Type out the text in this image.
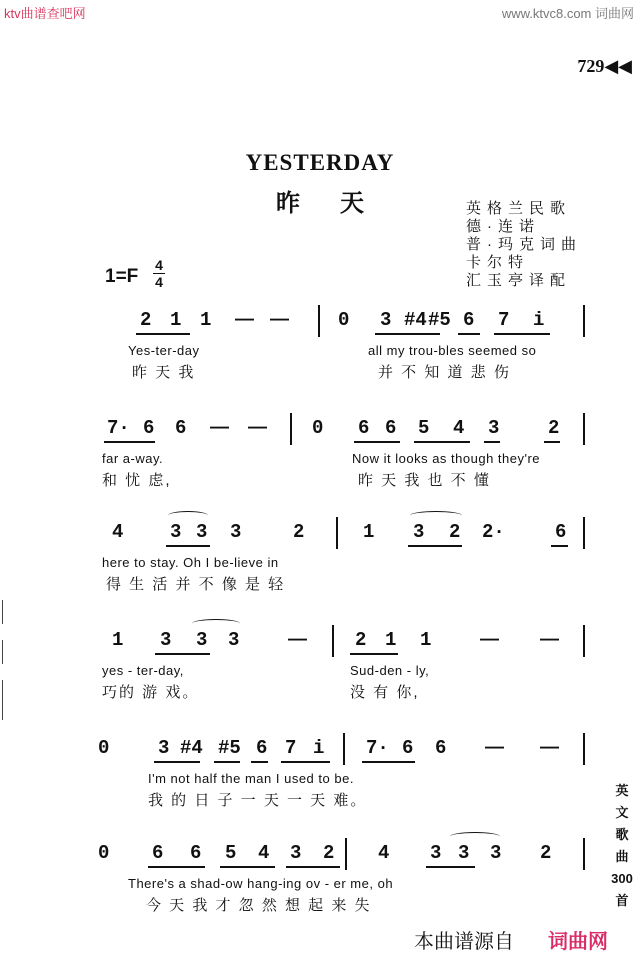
ktv曲谱查吧网	www.ktvc8.com 词曲网
729◀◀
YESTERDAY
昨天	英格兰民歌
德·连诺
普·玛克词曲
卡尔特
汇玉亭译配
1=F
4
4
2 1 1 — —	0 3 #4 #5 6 7 i
Yes-ter-day
昨 天 我
all my trou-bles seemed so
并 不 知 道 悲 伤
7· 6 6 — — 0 6 6 5 4 3	2
far a-way.
和 忧 虑,
Now it looks as though they're
昨 天 我 也 不 懂
4 3 3 3	2	1 3 2 2·	6
here to stay. Oh I be-lieve in
得 生 活 并 不 像 是 轻
1 3 3 3	—	2 1 1	— —
yes - ter-day,
巧的 游 戏。
Sud-den - ly,
没 有 你,
0	3 #4 #5 6 7 i 7· 6 6 — —
I'm not half the man I used to be.
我 的 日 子 一 天 一 天 难。
0 6 6 5 4 3 2 4 3 3 3 2
There's a shad-ow hang-ing ov - er me, oh
今 天 我 才 忽 然 想 起 来 失
英
文
歌
曲
300
首
本曲谱源自 词曲网
